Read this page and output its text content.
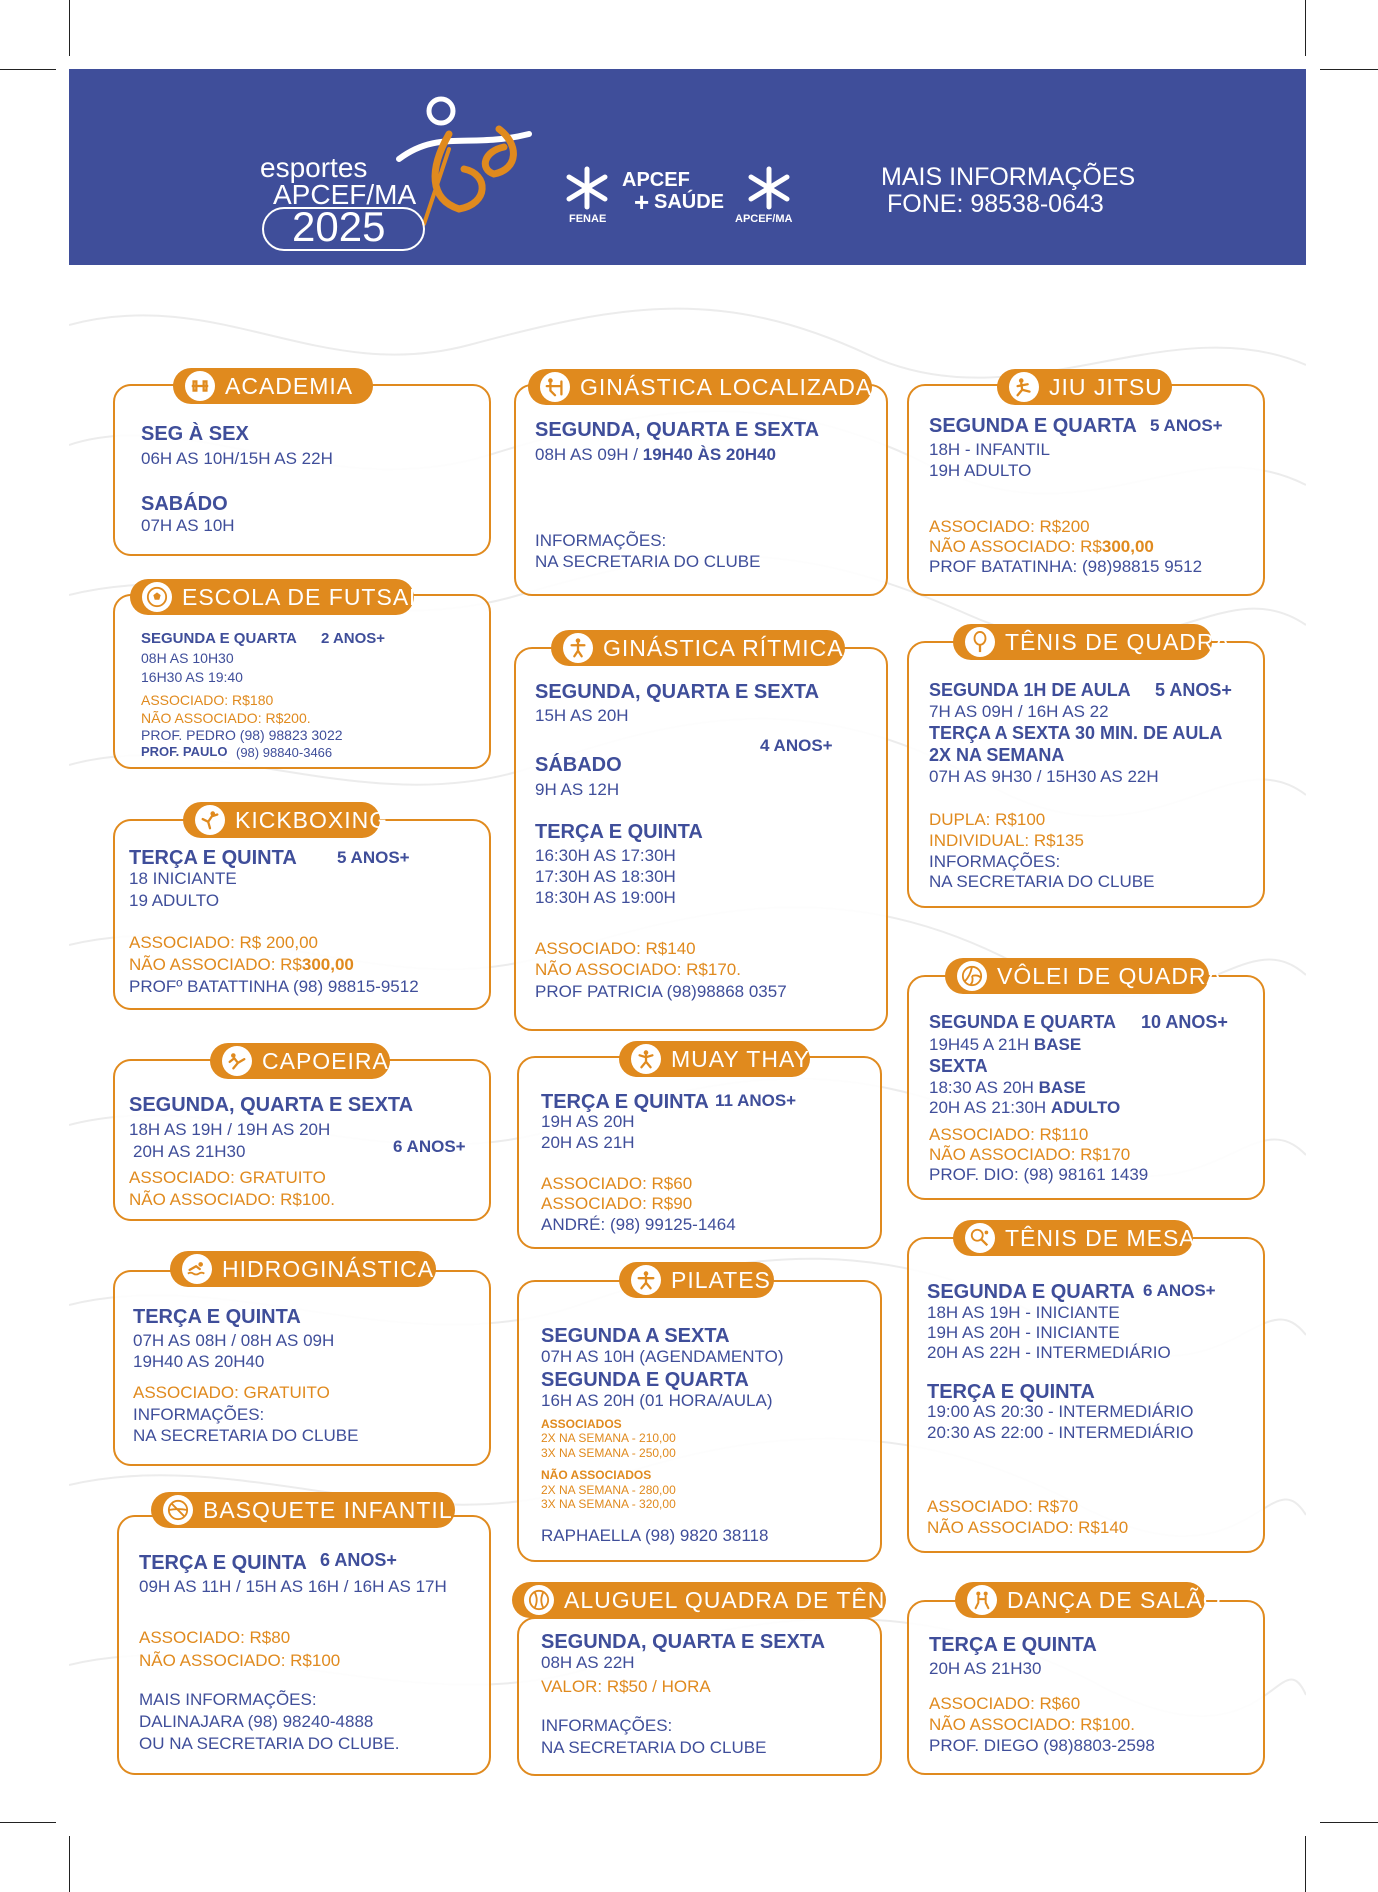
esportes
APCEF/MA
2025	FENAE
APCEF
+ SAÚDE
APCEF/MA
MAIS INFORMAÇÕES
FONE: 98538-0643
ACADEMIA
SEG À SEX
06H AS 10H/15H AS 22H
SABÁDO
07H AS 10H
ESCOLA DE FUTSAL
SEGUNDA E QUARTA 2 ANOS+
08H AS 10H30
16H30 AS 19:40
ASSOCIADO: R$180
NÃO ASSOCIADO: R$200.
PROF. PEDRO (98) 98823 3022
PROF. PAULO (98) 98840-3466
KICKBOXING
TERÇA E QUINTA 5 ANOS+
18 INICIANTE
19 ADULTO
ASSOCIADO: R$ 200,00
NÃO ASSOCIADO: R$300,00
PROFº BATATTINHA (98) 98815-9512
CAPOEIRA
SEGUNDA, QUARTA E SEXTA
18H AS 19H / 19H AS 20H
20H AS 21H30	6 ANOS+
ASSOCIADO: GRATUITO
NÃO ASSOCIADO: R$100.
HIDROGINÁSTICA
TERÇA E QUINTA
07H AS 08H / 08H AS 09H
19H40 AS 20H40
ASSOCIADO: GRATUITO
INFORMAÇÕES:
NA SECRETARIA DO CLUBE
BASQUETE INFANTIL
TERÇA E QUINTA 6 ANOS+
09H AS 11H / 15H AS 16H / 16H AS 17H
ASSOCIADO: R$80
NÃO ASSOCIADO: R$100
MAIS INFORMAÇÕES:
DALINAJARA (98) 98240-4888
OU NA SECRETARIA DO CLUBE.
GINÁSTICA LOCALIZADA
SEGUNDA, QUARTA E SEXTA
08H AS 09H / 19H40 ÀS 20H40
INFORMAÇÕES:
NA SECRETARIA DO CLUBE
GINÁSTICA RÍTMICA
SEGUNDA, QUARTA E SEXTA
15H AS 20H
4 ANOS+
SÁBADO
9H AS 12H
TERÇA E QUINTA
16:30H AS 17:30H
17:30H AS 18:30H
18:30H AS 19:00H
ASSOCIADO: R$140
NÃO ASSOCIADO: R$170.
PROF PATRICIA (98)98868 0357
MUAY THAY
TERÇA E QUINTA 11 ANOS+
19H AS 20H
20H AS 21H
ASSOCIADO: R$60
ASSOCIADO: R$90
ANDRÉ: (98) 99125-1464
PILATES
SEGUNDA A SEXTA
07H AS 10H (AGENDAMENTO)
SEGUNDA E QUARTA
16H AS 20H (01 HORA/AULA)
ASSOCIADOS
2X NA SEMANA - 210,00
3X NA SEMANA - 250,00
NÃO ASSOCIADOS
2X NA SEMANA - 280,00
3X NA SEMANA - 320,00
RAPHAELLA (98) 9820 38118
ALUGUEL QUADRA DE TÊNIS
SEGUNDA, QUARTA E SEXTA
08H AS 22H
VALOR: R$50 / HORA
INFORMAÇÕES:
NA SECRETARIA DO CLUBE
JIU JITSU
SEGUNDA E QUARTA 5 ANOS+
18H - INFANTIL
19H ADULTO
ASSOCIADO: R$200
NÃO ASSOCIADO: R$300,00
PROF BATATINHA: (98)98815 9512
TÊNIS DE QUADRA
SEGUNDA 1H DE AULA 5 ANOS+
7H AS 09H / 16H AS 22
TERÇA A SEXTA 30 MIN. DE AULA
2X NA SEMANA
07H AS 9H30 / 15H30 AS 22H
DUPLA: R$100
INDIVIDUAL: R$135
INFORMAÇÕES:
NA SECRETARIA DO CLUBE
VÔLEI DE QUADRA
SEGUNDA E QUARTA 10 ANOS+
19H45 A 21H BASE
SEXTA
18:30 AS 20H BASE
20H AS 21:30H ADULTO
ASSOCIADO: R$110
NÃO ASSOCIADO: R$170
PROF. DIO: (98) 98161 1439
TÊNIS DE MESA
SEGUNDA E QUARTA 6 ANOS+
18H AS 19H - INICIANTE
19H AS 20H - INICIANTE
20H AS 22H - INTERMEDIÁRIO
TERÇA E QUINTA
19:00 AS 20:30 - INTERMEDIÁRIO
20:30 AS 22:00 - INTERMEDIÁRIO
ASSOCIADO: R$70
NÃO ASSOCIADO: R$140
DANÇA DE SALÃO
TERÇA E QUINTA
20H AS 21H30
ASSOCIADO: R$60
NÃO ASSOCIADO: R$100.
PROF. DIEGO (98)8803-2598
